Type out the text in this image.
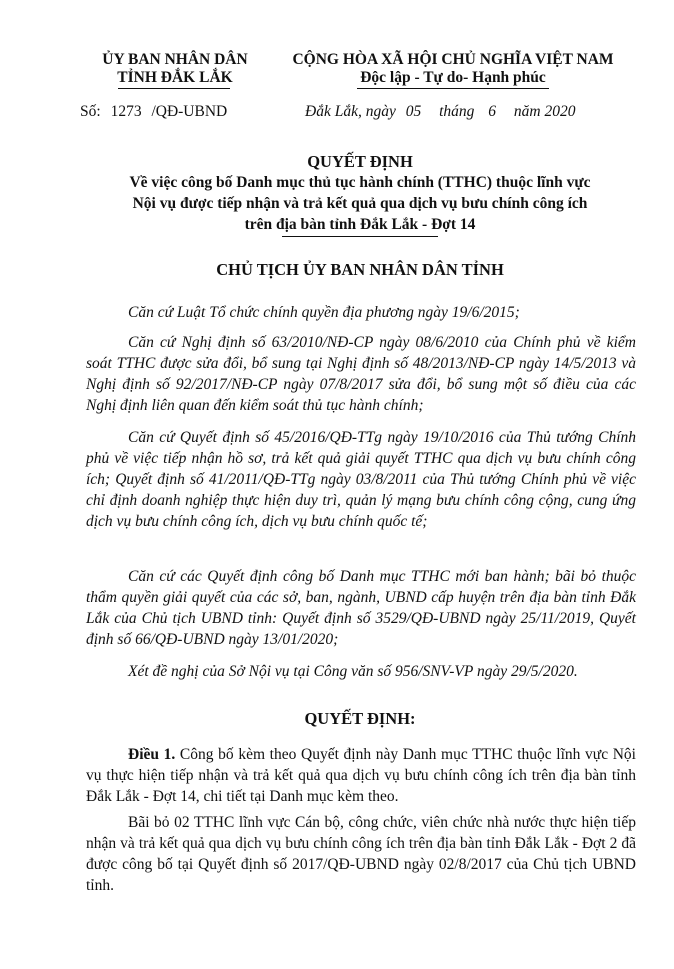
ỦY BAN NHÂN DÂN
TỈNH ĐẮK LẮK
CỘNG HÒA XÃ HỘI CHỦ NGHĨA VIỆT NAM
Độc lập - Tự do- Hạnh phúc
Số: 1273 /QĐ-UBND	Đắk Lắk, ngày 05 tháng 6 năm 2020
QUYẾT ĐỊNH
Về việc công bố Danh mục thủ tục hành chính (TTHC) thuộc lĩnh vực
Nội vụ được tiếp nhận và trả kết quả qua dịch vụ bưu chính công ích
trên địa bàn tỉnh Đắk Lắk - Đợt 14
CHỦ TỊCH ỦY BAN NHÂN DÂN TỈNH
Căn cứ Luật Tổ chức chính quyền địa phương ngày 19/6/2015;
Căn cứ Nghị định số 63/2010/NĐ-CP ngày 08/6/2010 của Chính phủ về kiểm soát TTHC được sửa đổi, bổ sung tại Nghị định số 48/2013/NĐ-CP ngày 14/5/2013 và Nghị định số 92/2017/NĐ-CP ngày 07/8/2017 sửa đổi, bổ sung một số điều của các Nghị định liên quan đến kiểm soát thủ tục hành chính;
Căn cứ Quyết định số 45/2016/QĐ-TTg ngày 19/10/2016 của Thủ tướng Chính phủ về việc tiếp nhận hồ sơ, trả kết quả giải quyết TTHC qua dịch vụ bưu chính công ích; Quyết định số 41/2011/QĐ-TTg ngày 03/8/2011 của Thủ tướng Chính phủ về việc chỉ định doanh nghiệp thực hiện duy trì, quản lý mạng bưu chính công cộng, cung ứng dịch vụ bưu chính công ích, dịch vụ bưu chính quốc tế;
Căn cứ các Quyết định công bố Danh mục TTHC mới ban hành; bãi bỏ thuộc thẩm quyền giải quyết của các sở, ban, ngành, UBND cấp huyện trên địa bàn tỉnh Đắk Lắk của Chủ tịch UBND tỉnh: Quyết định số 3529/QĐ-UBND ngày 25/11/2019, Quyết định số 66/QĐ-UBND ngày 13/01/2020;
Xét đề nghị của Sở Nội vụ tại Công văn số 956/SNV-VP ngày 29/5/2020.
QUYẾT ĐỊNH:
Điều 1. Công bố kèm theo Quyết định này Danh mục TTHC thuộc lĩnh vực Nội vụ thực hiện tiếp nhận và trả kết quả qua dịch vụ bưu chính công ích trên địa bàn tỉnh Đắk Lắk - Đợt 14, chi tiết tại Danh mục kèm theo.
Bãi bỏ 02 TTHC lĩnh vực Cán bộ, công chức, viên chức nhà nước thực hiện tiếp nhận và trả kết quả qua dịch vụ bưu chính công ích trên địa bàn tỉnh Đắk Lắk - Đợt 2 đã được công bố tại Quyết định số 2017/QĐ-UBND ngày 02/8/2017 của Chủ tịch UBND tỉnh.
